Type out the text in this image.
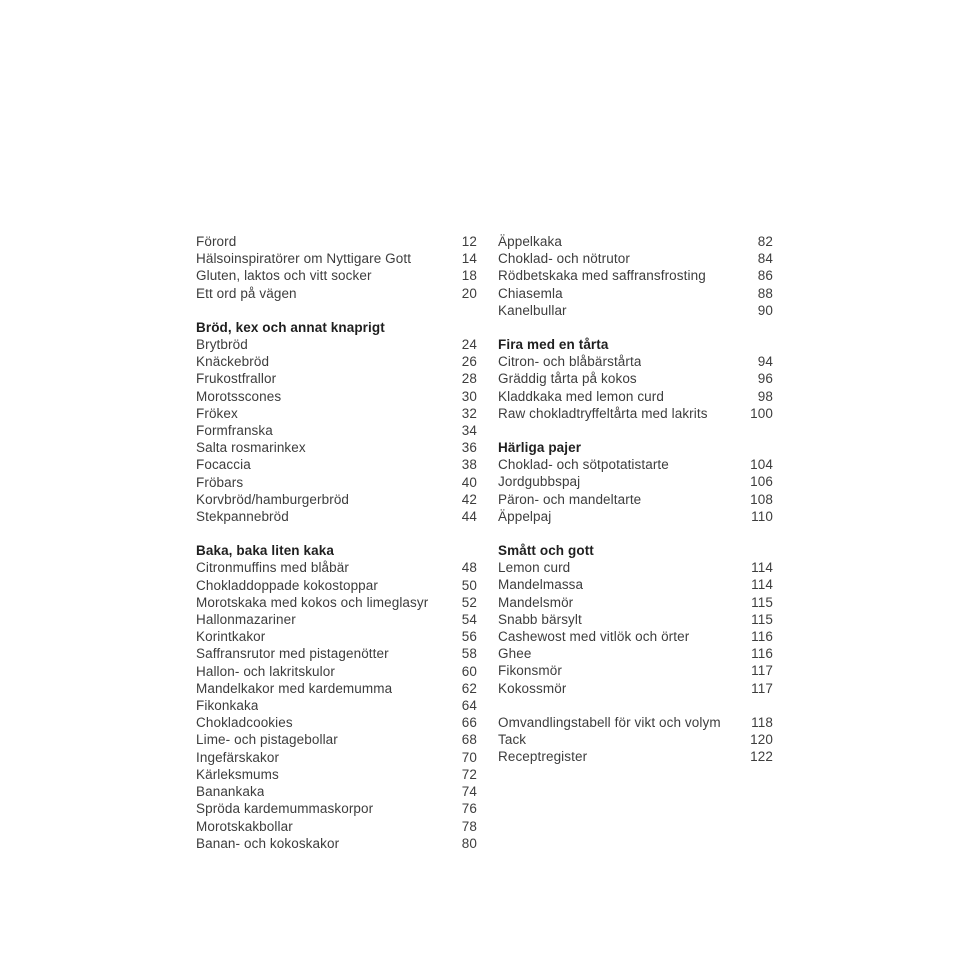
Förord	12
Hälsoinspiratörer om Nyttigare Gott	14
Gluten, laktos och vitt socker	18
Ett ord på vägen	20
Bröd, kex och annat knaprigt
Brytbröd	24
Knäckebröd	26
Frukostfrallor	28
Morotsscones	30
Frökex	32
Formfranska	34
Salta rosmarinkex	36
Focaccia	38
Fröbars	40
Korvbröd/hamburgerbröd	42
Stekpannebröd	44
Baka, baka liten kaka
Citronmuffins med blåbär	48
Chokladdoppade kokostoppar	50
Morotskaka med kokos och limeglasyr 52
Hallonmazariner	54
Korintkakor	56
Saffransrutor med pistagenötter	58
Hallon- och lakritskulor	60
Mandelkakor med kardemumma	62
Fikonkaka	64
Chokladcookies	66
Lime- och pistagebollar	68
Ingefärskakor	70
Kärleksmums	72
Banankaka	74
Spröda kardemummaskorpor	76
Morotskakbollar	78
Banan- och kokoskakor	80
Äppelkaka	82
Choklad- och nötrutor	84
Rödbetskaka med saffransfrosting	86
Chiasemla	88
Kanelbullar	90
Fira med en tårta
Citron- och blåbärstårta	94
Gräddig tårta på kokos	96
Kladdkaka med lemon curd	98
Raw chokladtryffeltårta med lakrits	100
Härliga pajer
Choklad- och sötpotatistarte	104
Jordgubbspaj	106
Päron- och mandeltarte	108
Äppelpaj	110
Smått och gott
Lemon curd	114
Mandelmassa	114
Mandelsmör	115
Snabb bärsylt	115
Cashewost med vitlök och örter	116
Ghee	116
Fikonsmör	117
Kokossmör	117
Omvandlingstabell för vikt och volym 118
Tack	120
Receptregister	122
